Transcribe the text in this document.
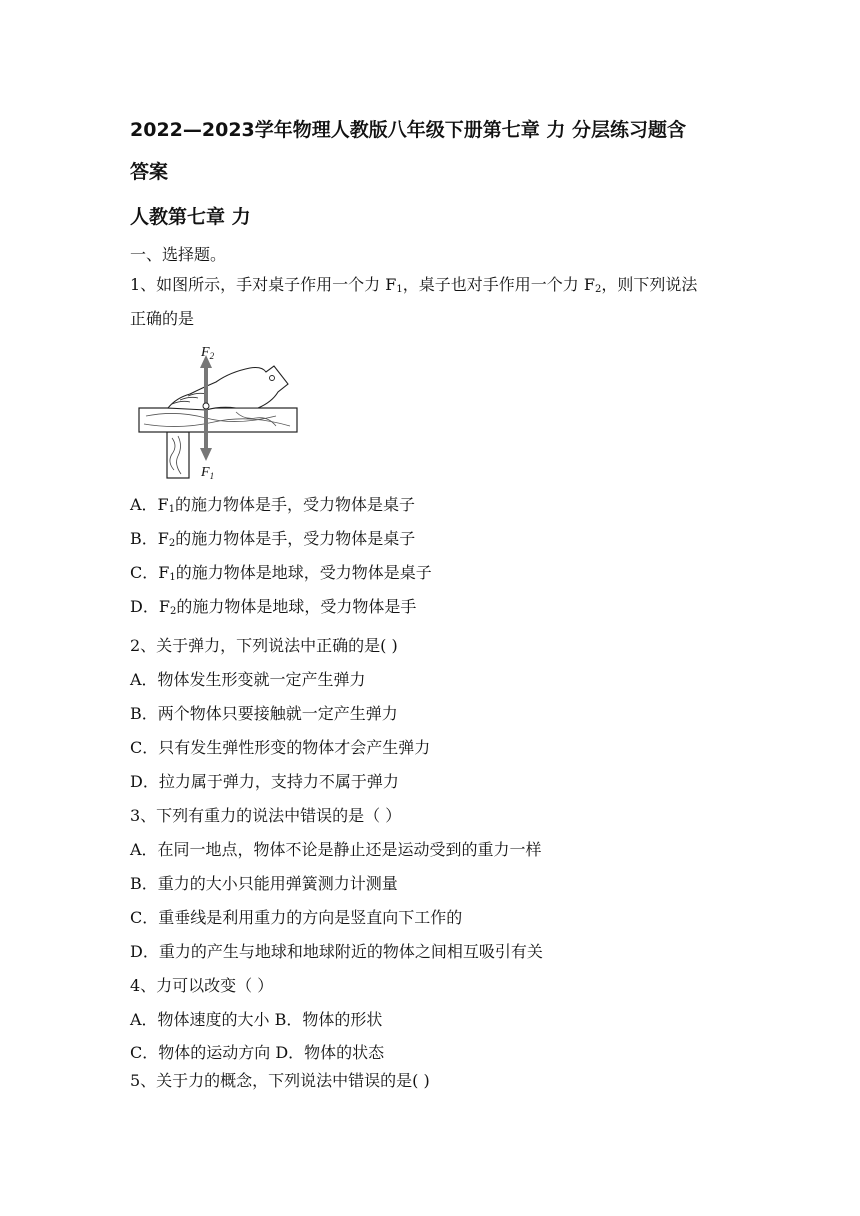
2022—2023学年物理人教版八年级下册第七章 力 分层练习题含
答案
人教第七章 力
一、选择题。
1、如图所示，手对桌子作用一个力 $F_1$，桌子也对手作用一个力 $F_2$，则下列说法
正确的是
$F_2$
$F_1$
A．$F_1$的施力物体是手，受力物体是桌子
B．$F_2$的施力物体是手，受力物体是桌子
C．$F_1$的施力物体是地球，受力物体是桌子
D．$F_2$的施力物体是地球，受力物体是手
2、关于弹力，下列说法中正确的是( )
A．物体发生形变就一定产生弹力
B．两个物体只要接触就一定产生弹力
C．只有发生弹性形变的物体才会产生弹力
D．拉力属于弹力，支持力不属于弹力
3、下列有重力的说法中错误的是（ ）
A．在同一地点，物体不论是静止还是运动受到的重力一样
B．重力的大小只能用弹簧测力计测量
C．重垂线是利用重力的方向是竖直向下工作的
D．重力的产生与地球和地球附近的物体之间相互吸引有关
4、力可以改变（ ）
A．物体速度的大小 B．物体的形状
C．物体的运动方向 D．物体的状态
5、关于力的概念，下列说法中错误的是( )
